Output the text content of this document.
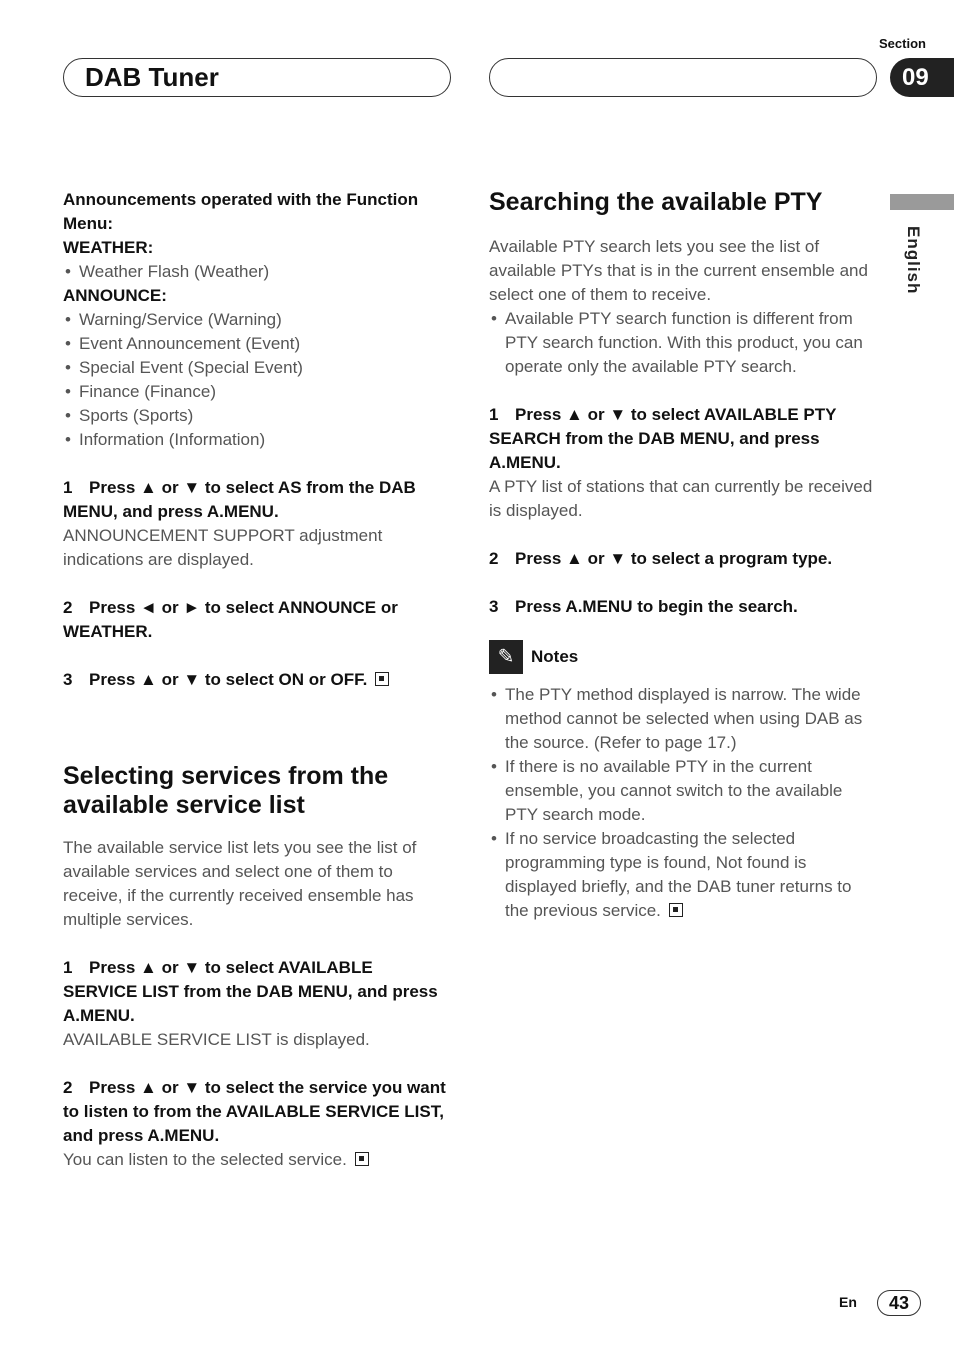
DAB Tuner
Section
09
English
Announcements operated with the Function Menu:
WEATHER:
• Weather Flash (Weather)
ANNOUNCE:
• Warning/Service (Warning)
• Event Announcement (Event)
• Special Event (Special Event)
• Finance (Finance)
• Sports (Sports)
• Information (Information)
1 Press ▲ or ▼ to select AS from the DAB MENU, and press A.MENU.
ANNOUNCEMENT SUPPORT adjustment indications are displayed.
2 Press ◄ or ► to select ANNOUNCE or WEATHER.
3 Press ▲ or ▼ to select ON or OFF.
Selecting services from the available service list
The available service list lets you see the list of available services and select one of them to receive, if the currently received ensemble has multiple services.
1 Press ▲ or ▼ to select AVAILABLE SERVICE LIST from the DAB MENU, and press A.MENU.
AVAILABLE SERVICE LIST is displayed.
2 Press ▲ or ▼ to select the service you want to listen to from the AVAILABLE SERVICE LIST, and press A.MENU.
You can listen to the selected service.
Searching the available PTY
Available PTY search lets you see the list of available PTYs that is in the current ensemble and select one of them to receive.
• Available PTY search function is different from PTY search function. With this product, you can operate only the available PTY search.
1 Press ▲ or ▼ to select AVAILABLE PTY SEARCH from the DAB MENU, and press A.MENU.
A PTY list of stations that can currently be received is displayed.
2 Press ▲ or ▼ to select a program type.
3 Press A.MENU to begin the search.
✎ Notes
• The PTY method displayed is narrow. The wide method cannot be selected when using DAB as the source. (Refer to page 17.)
• If there is no available PTY in the current ensemble, you cannot switch to the available PTY search mode.
• If no service broadcasting the selected programming type is found, Not found is displayed briefly, and the DAB tuner returns to the previous service.
En	43
